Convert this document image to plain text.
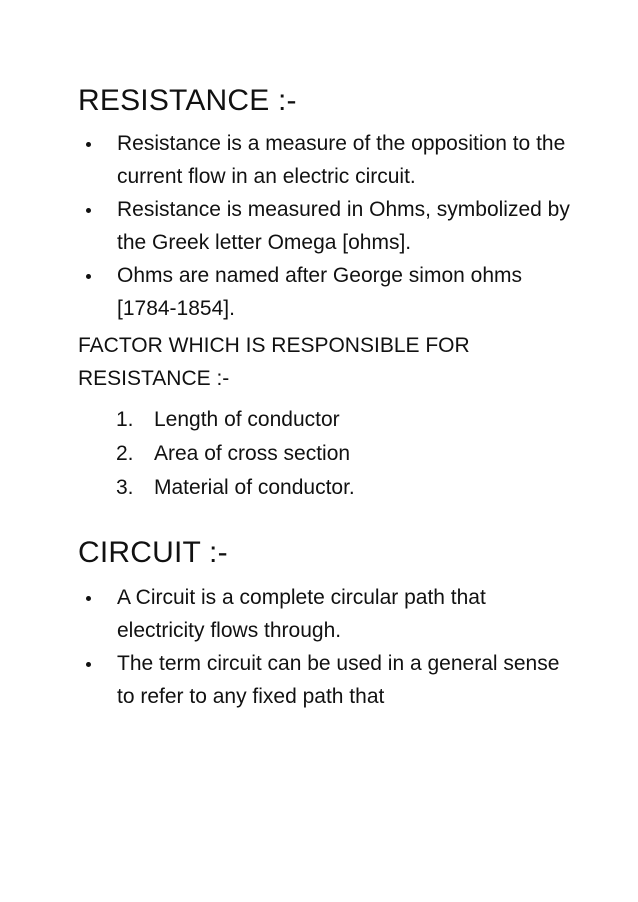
RESISTANCE :-
Resistance is a measure of the opposition to the current flow in an electric circuit.
Resistance is measured in Ohms, symbolized by the Greek letter Omega [ohms].
Ohms are named after George simon ohms [1784-1854].

FACTOR WHICH IS RESPONSIBLE FOR RESISTANCE :-

1. Length of conductor
2. Area of cross section
3. Material of conductor.
CIRCUIT :-
A Circuit is a complete circular path that electricity flows through.
The term circuit can be used in a general sense to refer to any fixed path that
